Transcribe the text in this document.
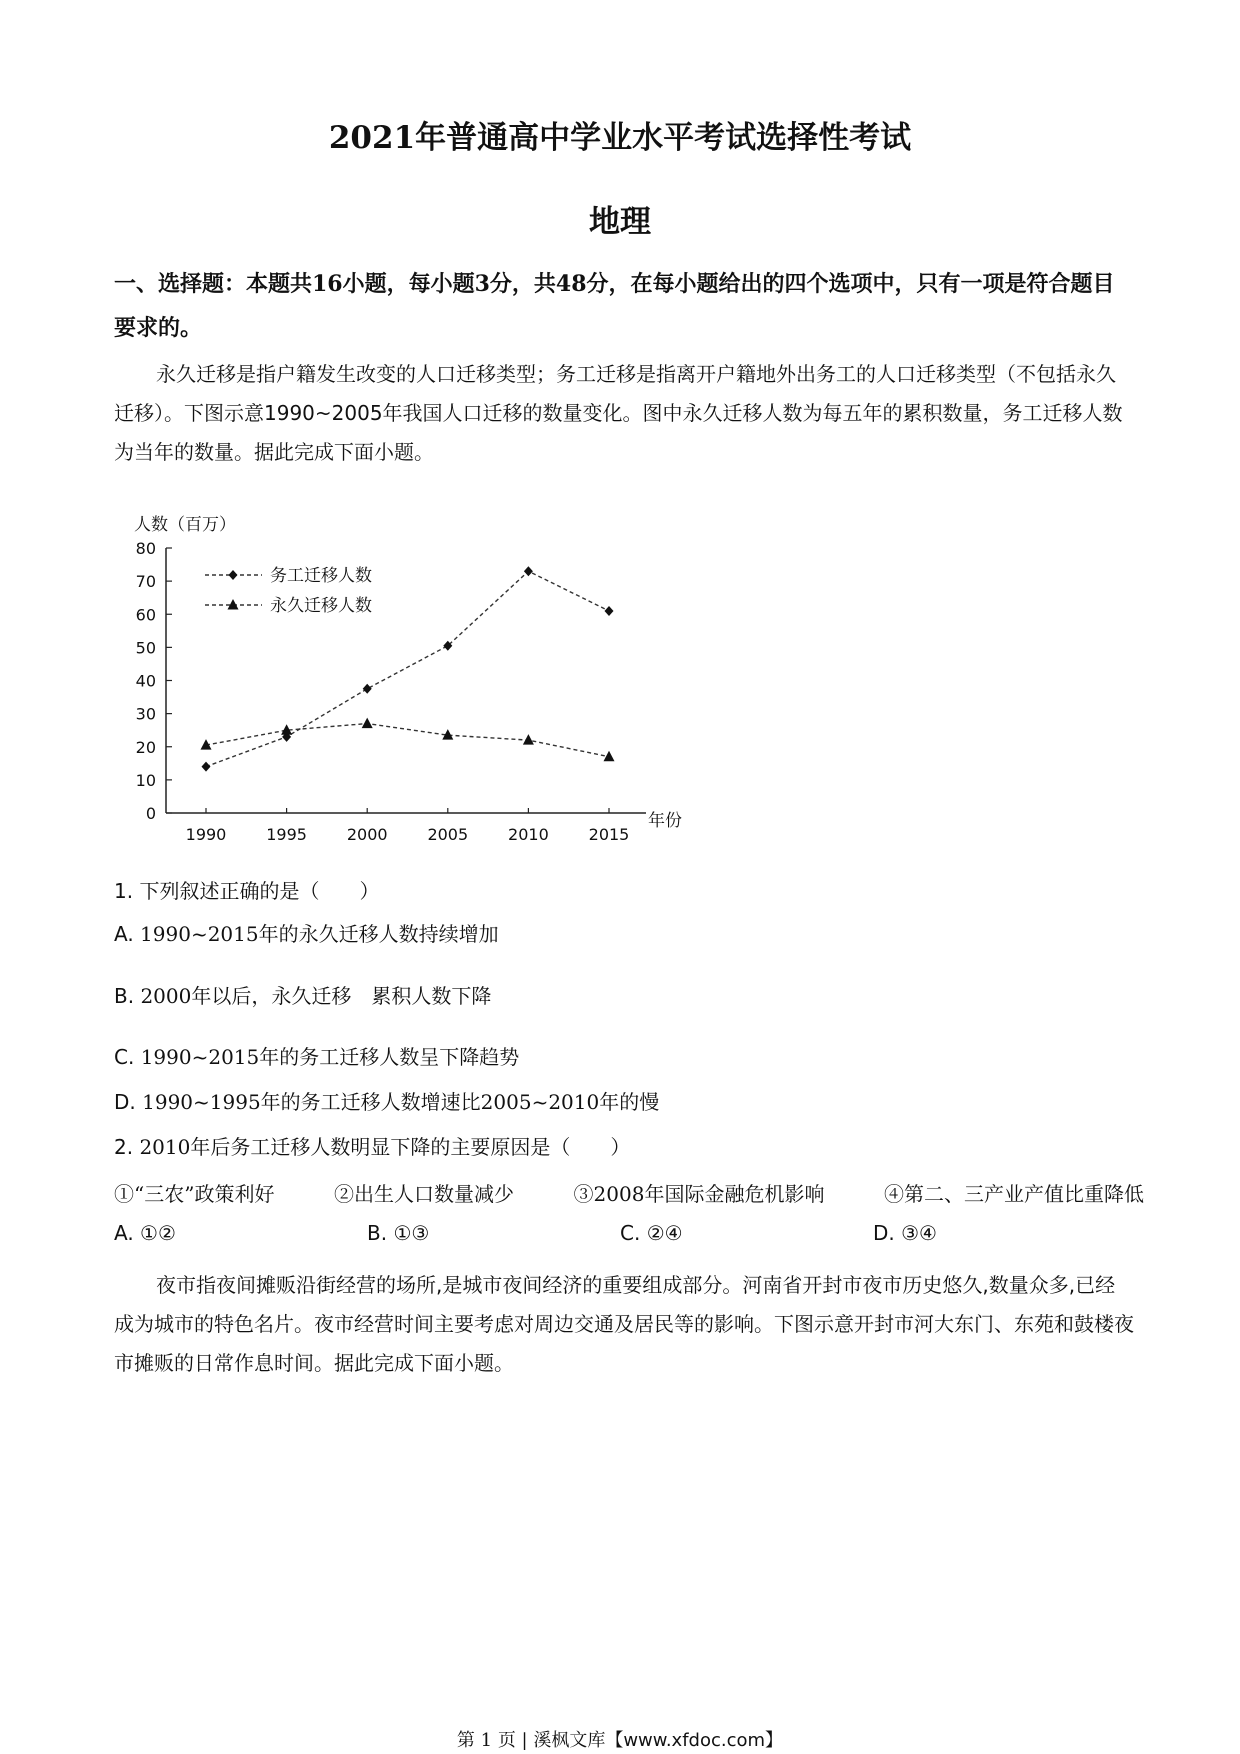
2021年普通高中学业水平考试选择性考试
地理
一、选择题：本题共16小题，每小题3分，共48分，在每小题给出的四个选项中，只有一项是符合题目要求的。
永久迁移是指户籍发生改变的人口迁移类型；务工迁移是指离开户籍地外出务工的人口迁移类型（不包括永久迁移）。下图示意1990~2005年我国人口迁移的数量变化。图中永久迁移人数为每五年的累积数量，务工迁移人数为当年的数量。据此完成下面小题。
人数（百万）
年份
0
10
20
30
40
50
60
70
80
1990 1995 2000 2005 2010 2015
务工迁移人数
永久迁移人数
1. 下列叙述正确的是（　　）
A. 1990~2015年的永久迁移人数持续增加
B. 2000年以后，永久迁移　累积人数下降
C. 1990~2015年的务工迁移人数呈下降趋势
D. 1990~1995年的务工迁移人数增速比2005~2010年的慢
2. 2010年后务工迁移人数明显下降的主要原因是（　　）
①“三农”政策利好	②出生人口数量减少	③2008年国际金融危机影响	④第二、三产业产值比重降低
A. ①②	B. ①③	C. ②④	D. ③④
夜市指夜间摊贩沿街经营的场所,是城市夜间经济的重要组成部分。河南省开封市夜市历史悠久,数量众多,已经成为城市的特色名片。夜市经营时间主要考虑对周边交通及居民等的影响。下图示意开封市河大东门、东苑和鼓楼夜市摊贩的日常作息时间。据此完成下面小题。
第 1 页 | 溪枫文库【www.xfdoc.com】
